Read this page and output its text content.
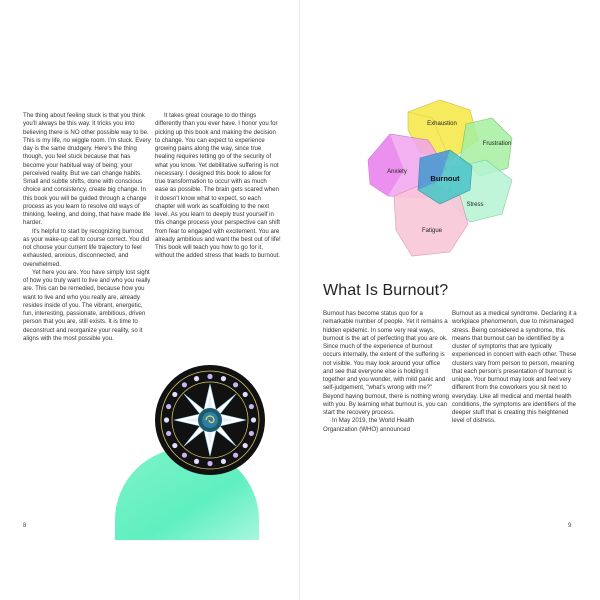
The thing about feeling stuck is that you think you'll always be this way. It tricks you into believing there is NO other possible way to be. This is my life, no wiggle room. I'm stuck. Every day is the same drudgery. Here's the thing though, you feel stuck because that has become your habitual way of being; your perceived reality. But we can change habits. Small and subtle shifts, done with conscious choice and consistency, create big change. In this book you will be guided through a change process as you learn to resolve old ways of thinking, feeling, and doing, that have made life harder.

It's helpful to start by recognizing burnout as your wake-up call to course correct. You did not choose your current life trajectory to feel exhausted, anxious, disconnected, and overwhelmed.

Yet here you are. You have simply lost sight of how you truly want to live and who you really are. This can be remedied, because how you want to live and who you really are, already resides inside of you. The vibrant, energetic, fun, interesting, passionate, ambitious, driven person that you are, still exists. It is time to deconstruct and reorganize your reality, so it aligns with the most possible you.

It takes great courage to do things differently than you ever have. I honor you for picking up this book and making the decision to change. You can expect to experience growing pains along the way, since true healing requires letting go of the security of what you know. Yet debilitative suffering is not necessary. I designed this book to allow for true transformation to occur with as much ease as possible. The brain gets scared when it doesn't know what to expect, so each chapter will work as scaffolding to the next level. As you learn to deeply trust yourself in this change process your perspective can shift from fear to engaged with excitement. You are already ambitious and want the best out of life! This book will teach you how to go for it, without the added stress that leads to burnout.

8
Exhaustion
Frustration
Anxiety
Burnout
Stress
Fatigue
What Is Burnout?

Burnout has become status quo for a remarkable number of people. Yet it remains a hidden epidemic. In some very real ways, burnout is the art of perfecting that you are ok. Since much of the experience of burnout occurs internally, the extent of the suffering is not visible. You may look around your office and see that everyone else is holding it together and you wonder, with mild panic and self-judgement, "what's wrong with me?" Beyond having burnout, there is nothing wrong with you. By learning what burnout is, you can start the recovery process.

In May 2019, the World Health Organization (WHO) announced

Burnout as a medical syndrome. Declaring it a workplace phenomenon, due to mismanaged stress. Being considered a syndrome, this means that burnout can be identified by a cluster of symptoms that are typically experienced in concert with each other. These clusters vary from person to person, meaning that each person's presentation of burnout is unique. Your burnout may look and feel very different from the coworkers you sit next to everyday. Like all medical and mental health conditions, the symptoms are identifiers of the deeper stuff that is creating this heightened level of distress.

9
